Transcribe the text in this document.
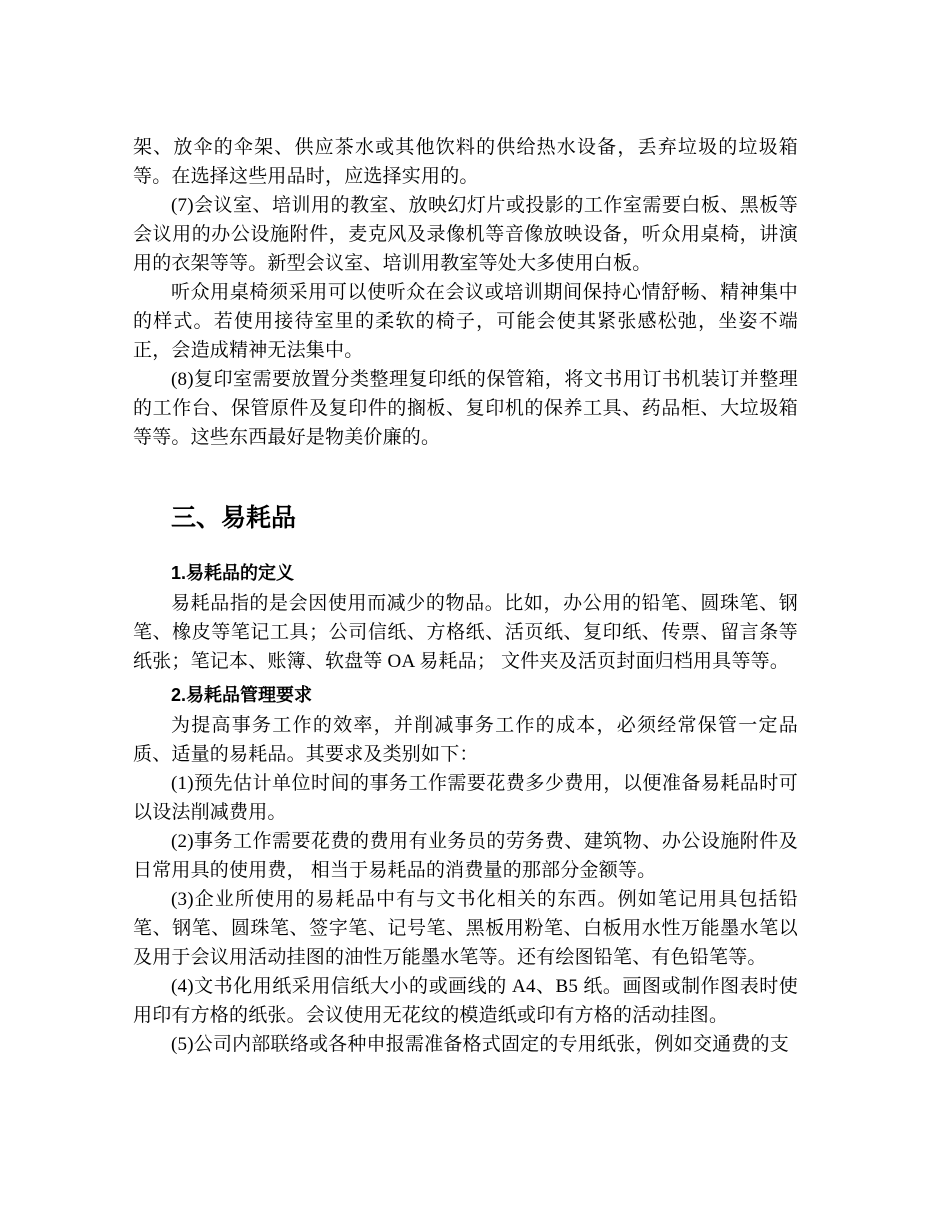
架、放伞的伞架、供应茶水或其他饮料的供给热水设备，丢弃垃圾的垃圾箱等。在选择这些用品时，应选择实用的。

(7)会议室、培训用的教室、放映幻灯片或投影的工作室需要白板、黑板等会议用的办公设施附件，麦克风及录像机等音像放映设备，听众用桌椅，讲演用的衣架等等。新型会议室、培训用教室等处大多使用白板。

听众用桌椅须采用可以使听众在会议或培训期间保持心情舒畅、精神集中的样式。若使用接待室里的柔软的椅子，可能会使其紧张感松弛，坐姿不端正，会造成精神无法集中。

(8)复印室需要放置分类整理复印纸的保管箱，将文书用订书机装订并整理的工作台、保管原件及复印件的搁板、复印机的保养工具、药品柜、大垃圾箱等等。这些东西最好是物美价廉的。

三、易耗品
1.易耗品的定义

易耗品指的是会因使用而减少的物品。比如，办公用的铅笔、圆珠笔、钢笔、橡皮等笔记工具；公司信纸、方格纸、活页纸、复印纸、传票、留言条等纸张；笔记本、账簿、软盘等 OA 易耗品； 文件夹及活页封面归档用具等等。

2.易耗品管理要求

为提高事务工作的效率，并削减事务工作的成本，必须经常保管一定品质、适量的易耗品。其要求及类别如下：

(1)预先估计单位时间的事务工作需要花费多少费用，以便准备易耗品时可以设法削减费用。

(2)事务工作需要花费的费用有业务员的劳务费、建筑物、办公设施附件及日常用具的使用费， 相当于易耗品的消费量的那部分金额等。

(3)企业所使用的易耗品中有与文书化相关的东西。例如笔记用具包括铅笔、钢笔、圆珠笔、签字笔、记号笔、黑板用粉笔、白板用水性万能墨水笔以及用于会议用活动挂图的油性万能墨水笔等。还有绘图铅笔、有色铅笔等。

(4)文书化用纸采用信纸大小的或画线的 A4、B5 纸。画图或制作图表时使用印有方格的纸张。会议使用无花纹的模造纸或印有方格的活动挂图。

(5)公司内部联络或各种申报需准备格式固定的专用纸张，例如交通费的支
